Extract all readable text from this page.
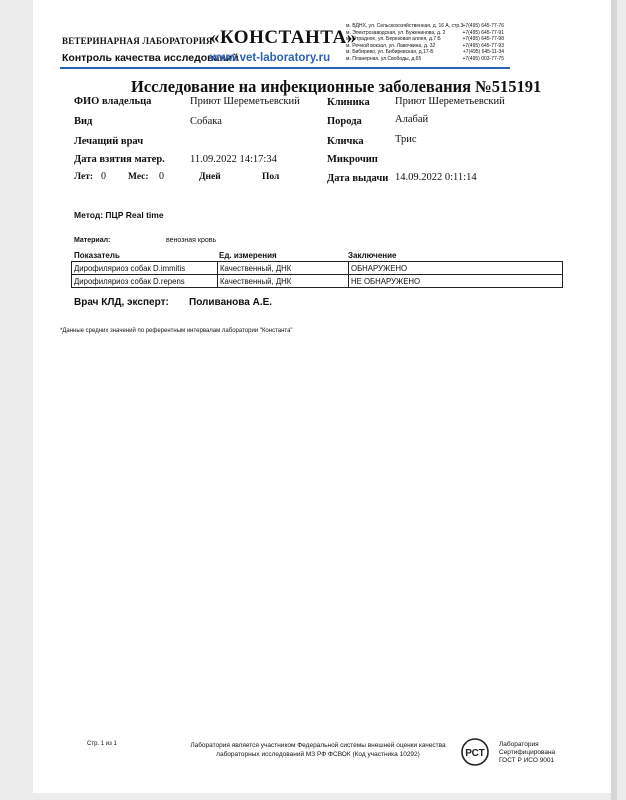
ВЕТЕРИНАРНАЯ ЛАБОРАТОРИЯ
«КОНСТАНТА»
Контроль качества исследований
www.vet-laboratory.ru
м. ВДНХ, ул. Сельскохозяйственная, д. 16 А, стр.3
м. Электрозаводская, ул. Бужениновa, д. 2
м. Отрадное, ул. Березовая аллея, д.7 Б
м. Речной вокзал, ул. Лавочкина, д. 32
м. Бибирево, ул. Бибиревская, д.17-Б
м. Планерная, ул.Свободы, д.65
+7(495) 645-77-76
+7(495) 645-77-91
+7(495) 645-77-98
+7(495) 645-77-93
+7(495) 645-11-34
+7(495) 003-77-75
Исследование на инфекционные заболевания №515191
ФИО владельца	Приют Шереметьевский	Клиника Приют Шереметьевский
Вид	Собака	Порода	Алабай
Лечащий врач	Кличка	Трис
Дата взятия матер. 11.09.2022 14:17:34	Микрочип
Лет: 0 Мес: 0	Дней	Пол	Дата выдачи 14.09.2022 0:11:14
Метод: ПЦР Real time
Материал:	венозная кровь
Показатель	Ед. измерения	Заключение
Дирофиляриоз собак D.immitis	Качественный, ДНК	ОБНАРУЖЕНО
Дирофиляриоз собак D.repens	Качественный, ДНК	НЕ ОБНАРУЖЕНО
Врач КЛД, эксперт: Поливанова А.Е.
*Данные средних значений по референтным интервалам лаборатории "Константа"
Стр. 1 из 1	Лаборатория является участником Федеральной системы внешней оценки качества лабораторных исследований МЗ РФ ФСВОК (Код участника 10292)	РСТ
Лаборатория
Сертифицирована
ГОСТ Р ИСО 9001
